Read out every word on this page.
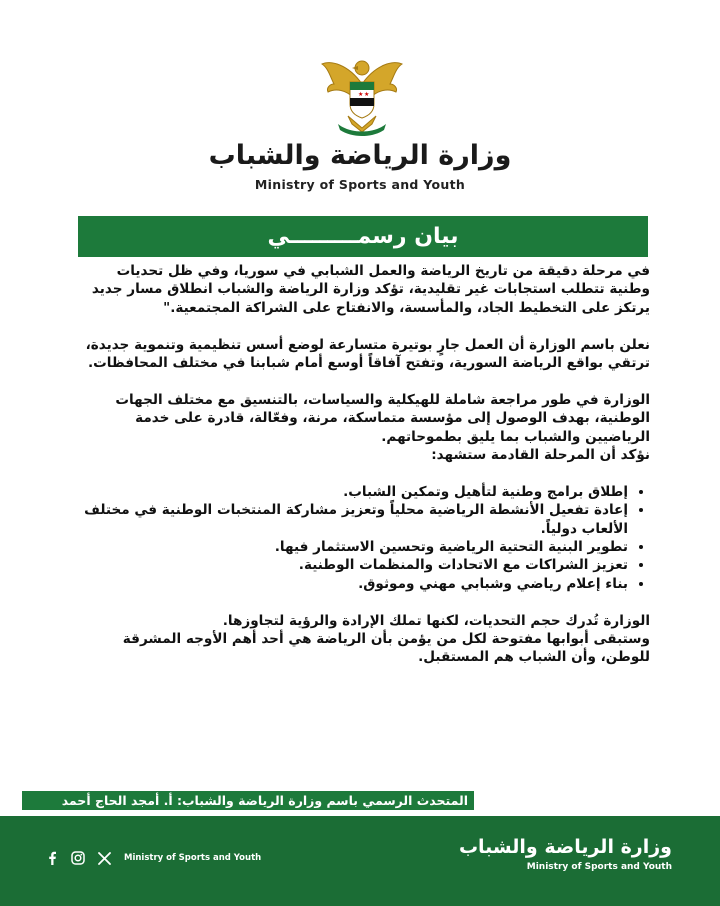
★ ★
وزارة الرياضة والشباب
Ministry of Sports and Youth
بيان رسمـــــــــي

في مرحلة دقيقة من تاريخ الرياضة والعمل الشبابي في سوريا، وفي ظل تحديات وطنية تتطلب استجابات غير تقليدية، تؤكد وزارة الرياضة والشباب انطلاق مسار جديد يرتكز على التخطيط الجاد، والمأسسة، والانفتاح على الشراكة المجتمعية."

نعلن باسم الوزارة أن العمل جارٍ بوتيرة متسارعة لوضع أسس تنظيمية وتنموية جديدة، ترتقي بواقع الرياضة السورية، وتفتح آفاقاً أوسع أمام شبابنا في مختلف المحافظات.

الوزارة في طور مراجعة شاملة للهيكلية والسياسات، بالتنسيق مع مختلف الجهات الوطنية، بهدف الوصول إلى مؤسسة متماسكة، مرنة، وفعّالة، قادرة على خدمة الرياضيين والشباب بما يليق بطموحاتهم.

نؤكد أن المرحلة القادمة ستشهد:

• إطلاق برامج وطنية لتأهيل وتمكين الشباب.
• إعادة تفعيل الأنشطة الرياضية محلياً وتعزيز مشاركة المنتخبات الوطنية في مختلف الألعاب دولياً.
• تطوير البنية التحتية الرياضية وتحسين الاستثمار فيها.
• تعزيز الشراكات مع الاتحادات والمنظمات الوطنية.
• بناء إعلام رياضي وشبابي مهني وموثوق.

الوزارة تُدرك حجم التحديات، لكنها تملك الإرادة والرؤية لتجاوزها.

وستبقى أبوابها مفتوحة لكل من يؤمن بأن الرياضة هي أحد أهم الأوجه المشرقة للوطن، وأن الشباب هم المستقبل.

المتحدث الرسمي باسم وزارة الرياضة والشباب: أ. أمجد الحاج أحمد
Ministry of Sports and Youth	وزارة الرياضة والشباب
Ministry of Sports and Youth
